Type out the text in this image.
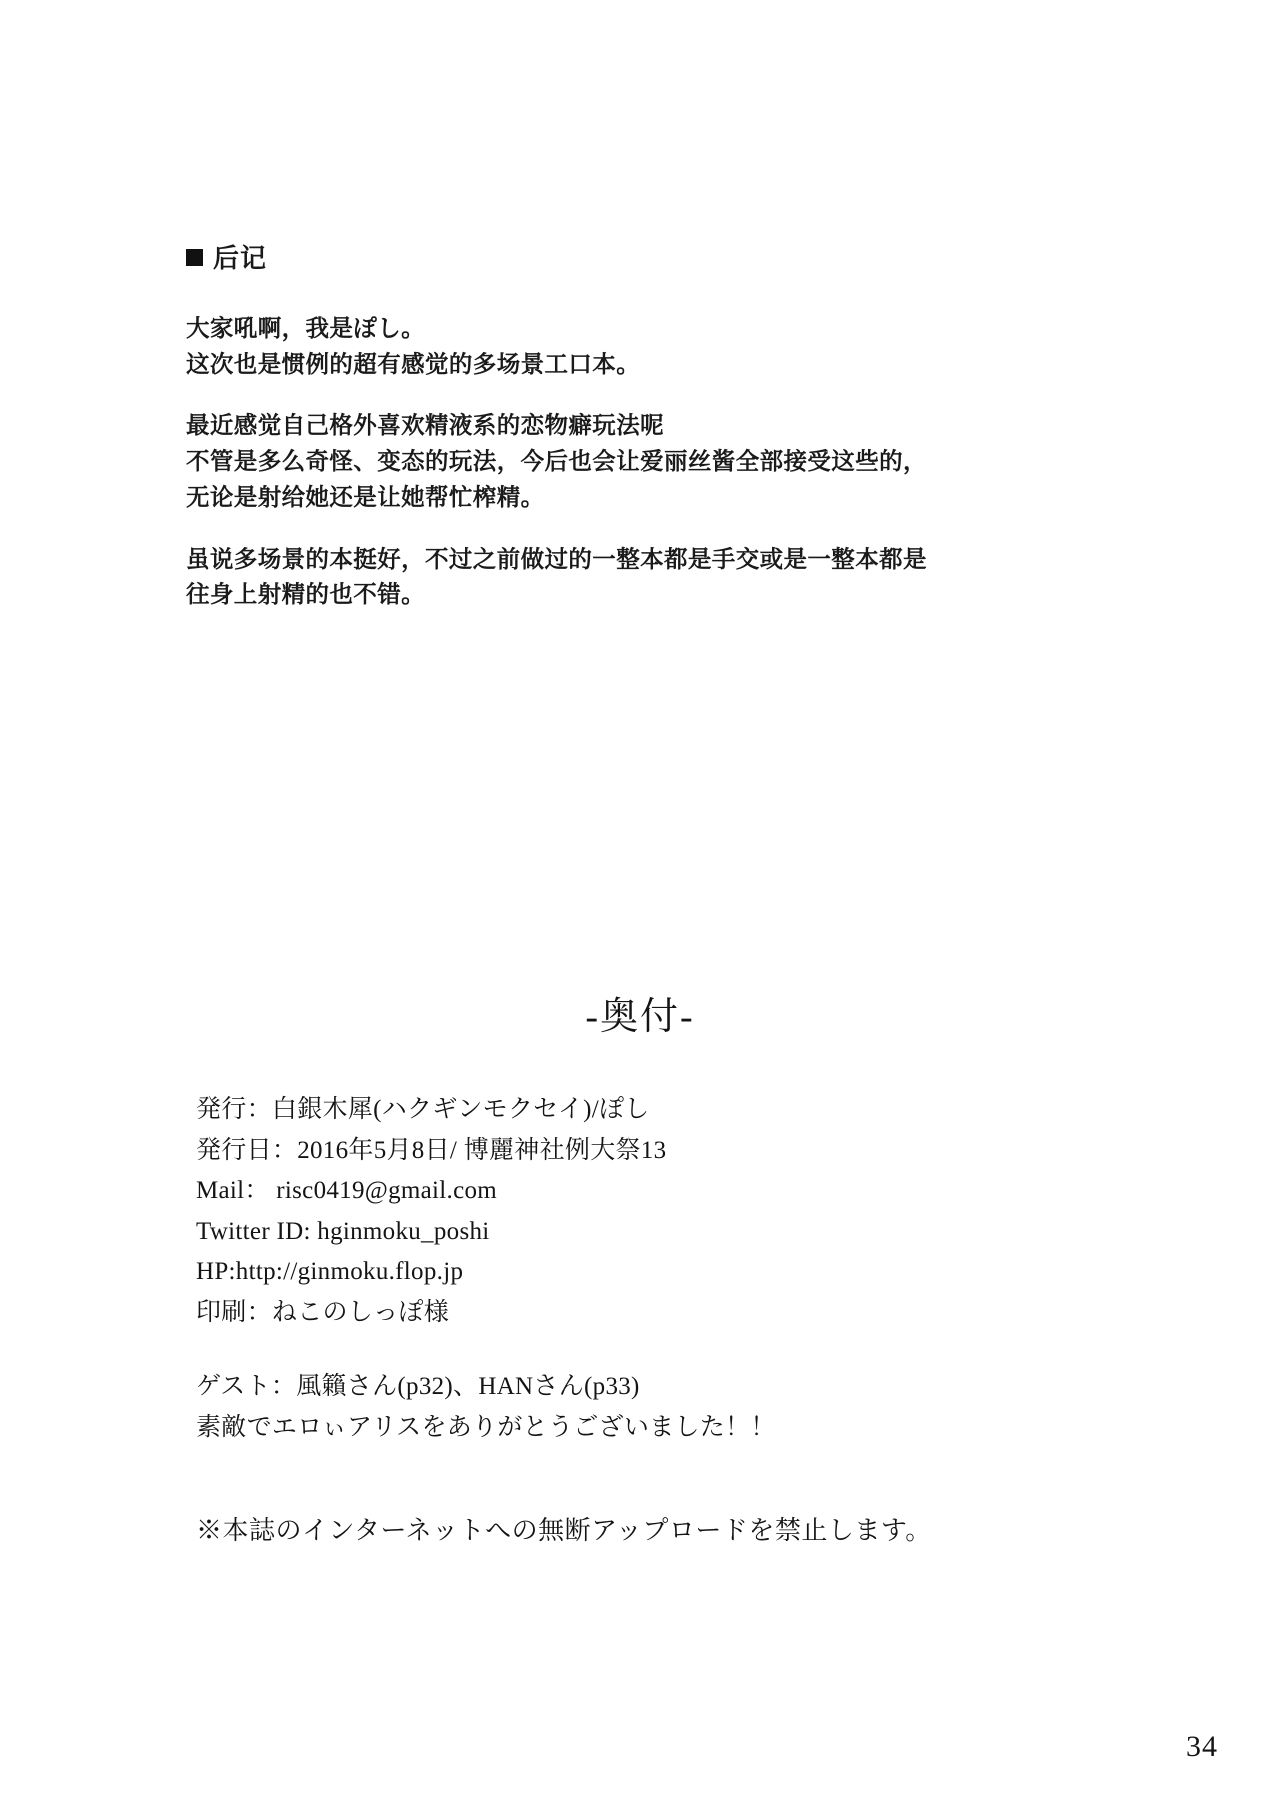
后记

大家吼啊，我是ぽし。
这次也是惯例的超有感觉的多场景工口本。

最近感觉自己格外喜欢精液系的恋物癖玩法呢
不管是多么奇怪、变态的玩法，今后也会让爱丽丝酱全部接受这些的，
无论是射给她还是让她帮忙榨精。

虽说多场景的本挺好，不过之前做过的一整本都是手交或是一整本都是
往身上射精的也不错。

-奥付-
発行：白銀木犀(ハクギンモクセイ)/ぽし
発行日：2016年5月8日/ 博麗神社例大祭13
Mail： risc0419@gmail.com
Twitter ID: hginmoku_poshi
HP:http://ginmoku.flop.jp
印刷：ねこのしっぽ様
ゲスト：風籟さん(p32)、HANさん(p33)
素敵でエロぃアリスをありがとうございました！！
※本誌のインターネットへの無断アップロードを禁止します。
34
